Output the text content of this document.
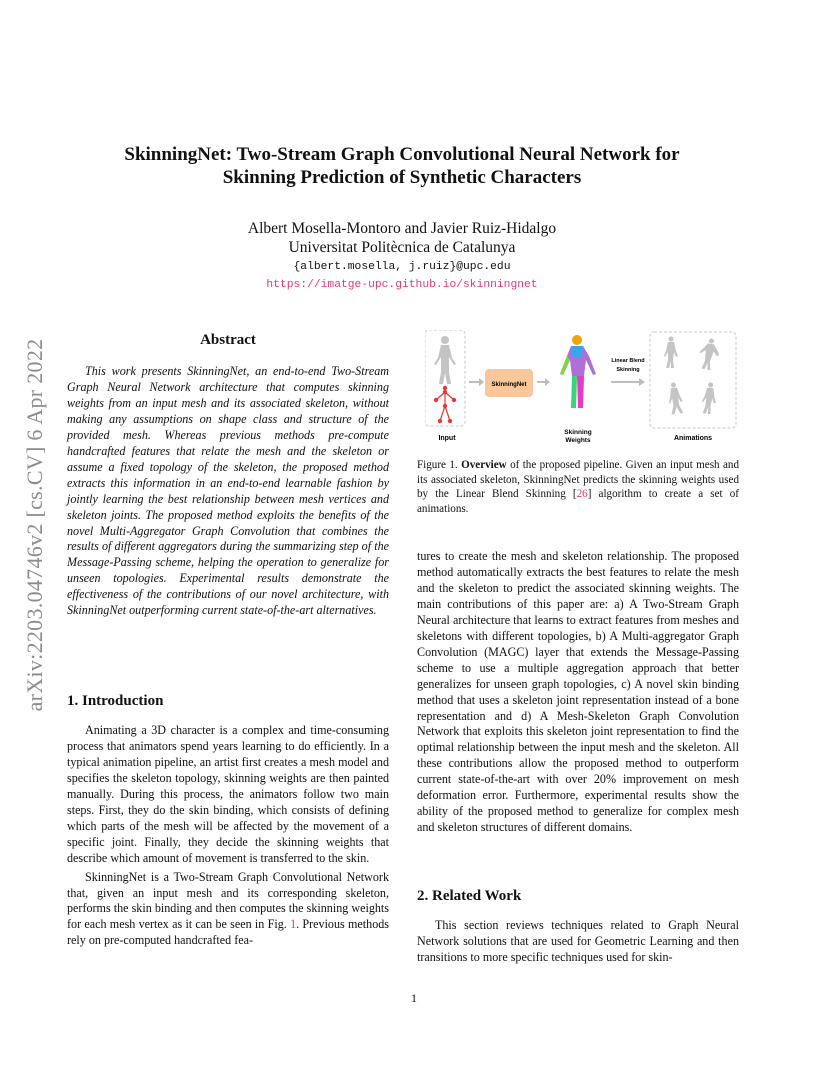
arXiv:2203.04746v2 [cs.CV] 6 Apr 2022
SkinningNet: Two-Stream Graph Convolutional Neural Network for
Skinning Prediction of Synthetic Characters
Albert Mosella-Montoro and Javier Ruiz-Hidalgo
Universitat Politècnica de Catalunya
{albert.mosella, j.ruiz}@upc.edu
https://imatge-upc.github.io/skinningnet
Abstract

This work presents SkinningNet, an end-to-end Two-Stream Graph Neural Network architecture that computes skinning weights from an input mesh and its associated skeleton, without making any assumptions on shape class and structure of the provided mesh. Whereas previous methods pre-compute handcrafted features that relate the mesh and the skeleton or assume a fixed topology of the skeleton, the proposed method extracts this information in an end-to-end learnable fashion by jointly learning the best relationship between mesh vertices and skeleton joints. The proposed method exploits the benefits of the novel Multi-Aggregator Graph Convolution that combines the results of different aggregators during the summarizing step of the Message-Passing scheme, helping the operation to generalize for unseen topologies. Experimental results demonstrate the effectiveness of the contributions of our novel architecture, with SkinningNet outperforming current state-of-the-art alternatives.

Input
SkinningNet
Skinning
Weights
Linear Blend
Skinning
Animations

Figure 1. Overview of the proposed pipeline. Given an input mesh and its associated skeleton, SkinningNet predicts the skinning weights used by the Linear Blend Skinning [26] algorithm to create a set of animations.

1. Introduction

Animating a 3D character is a complex and time-consuming process that animators spend years learning to do efficiently. In a typical animation pipeline, an artist first creates a mesh model and specifies the skeleton topology, skinning weights are then painted manually. During this process, the animators follow two main steps. First, they do the skin binding, which consists of defining which parts of the mesh will be affected by the movement of a specific joint. Finally, they decide the skinning weights that describe which amount of movement is transferred to the skin.

SkinningNet is a Two-Stream Graph Convolutional Network that, given an input mesh and its corresponding skeleton, performs the skin binding and then computes the skinning weights for each mesh vertex as it can be seen in Fig. 1. Previous methods rely on pre-computed handcrafted fea-

tures to create the mesh and skeleton relationship. The proposed method automatically extracts the best features to relate the mesh and the skeleton to predict the associated skinning weights. The main contributions of this paper are: a) A Two-Stream Graph Neural architecture that learns to extract features from meshes and skeletons with different topologies, b) A Multi-aggregator Graph Convolution (MAGC) layer that extends the Message-Passing scheme to use a multiple aggregation approach that better generalizes for unseen graph topologies, c) A novel skin binding method that uses a skeleton joint representation instead of a bone representation and d) A Mesh-Skeleton Graph Convolution Network that exploits this skeleton joint representation to find the optimal relationship between the input mesh and the skeleton. All these contributions allow the proposed method to outperform current state-of-the-art with over 20% improvement on mesh deformation error. Furthermore, experimental results show the ability of the proposed method to generalize for complex mesh and skeleton structures of different domains.

2. Related Work

This section reviews techniques related to Graph Neural Network solutions that are used for Geometric Learning and then transitions to more specific techniques used for skin-

1
